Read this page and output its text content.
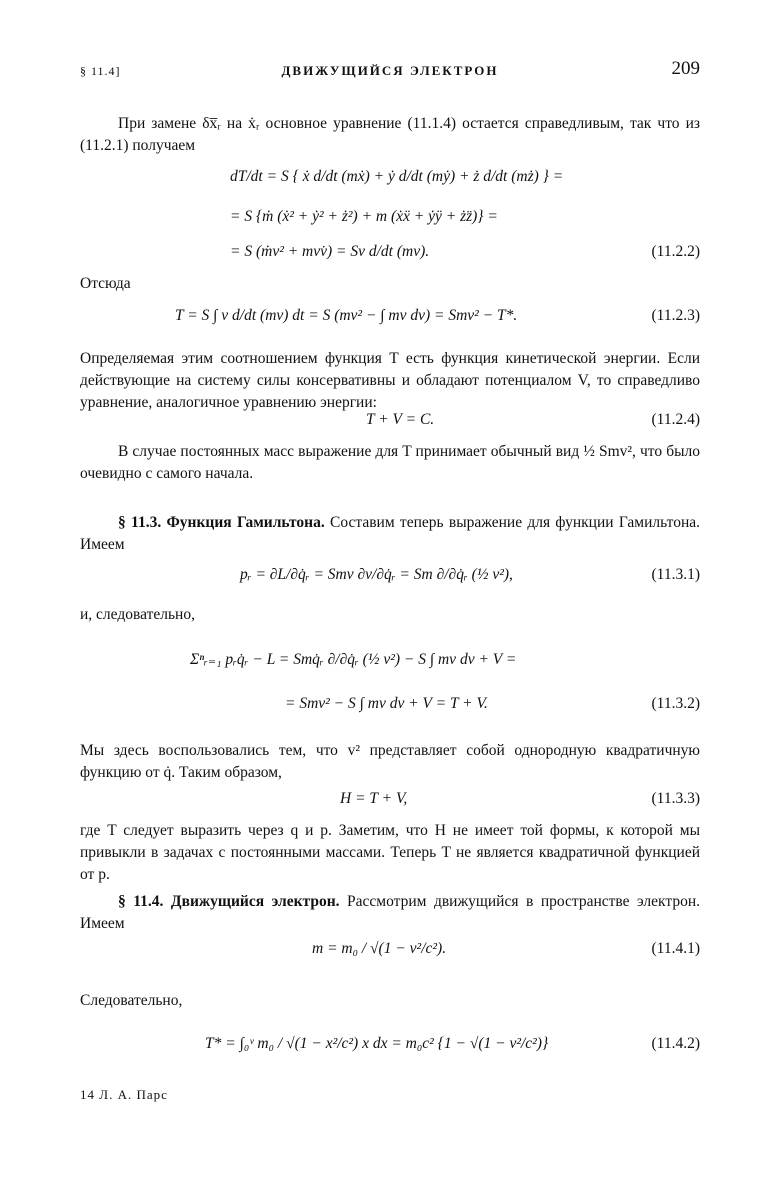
§ 11.4]	ДВИЖУЩИЙСЯ ЭЛЕКТРОН	209
При замене δx̅ᵣ на ẋᵣ основное уравнение (11.1.4) остается справедливым, так что из (11.2.1) получаем
dT/dt = S { ẋ d/dt (mẋ) + ẏ d/dt (mẏ) + ż d/dt (mż) } =
= S {ṁ (ẋ² + ẏ² + ż²) + m (ẋẍ + ẏÿ + żz̈)} =
= S (ṁv² + mvv̇) = Sv d/dt (mv).	(11.2.2)
Отсюда
T = S ∫ v d/dt (mv) dt = S (mv² − ∫ mv dv) = Smv² − T*.	(11.2.3)
Определяемая этим соотношением функция T есть функция кинетической энергии. Если действующие на систему силы консервативны и обладают потенциалом V, то справедливо уравнение, аналогичное уравнению энергии:
T + V = C.	(11.2.4)
В случае постоянных масс выражение для T принимает обычный вид ½ Smv², что было очевидно с самого начала.
§ 11.3. Функция Гамильтона. Составим теперь выражение для функции Гамильтона. Имеем
pᵣ = ∂L/∂q̇ᵣ = Smv ∂v/∂q̇ᵣ = Sm ∂/∂q̇ᵣ (½ v²),	(11.3.1)
и, следовательно,
Σⁿᵣ₌₁ pᵣq̇ᵣ − L = Smq̇ᵣ ∂/∂q̇ᵣ (½ v²) − S ∫ mv dv + V =
= Smv² − S ∫ mv dv + V = T + V.	(11.3.2)
Мы здесь воспользовались тем, что v² представляет собой однородную квадратичную функцию от q̇. Таким образом,
H = T + V,	(11.3.3)
где T следует выразить через q и p. Заметим, что H не имеет той формы, к которой мы привыкли в задачах с постоянными массами. Теперь T не является квадратичной функцией от p.
§ 11.4. Движущийся электрон. Рассмотрим движущийся в пространстве электрон. Имеем
m = m₀ / √(1 − v²/c²).	(11.4.1)
Следовательно,
T* = ∫₀ᵛ m₀ / √(1 − x²/c²) x dx = m₀c² {1 − √(1 − v²/c²)}	(11.4.2)
14 Л. А. Парс
